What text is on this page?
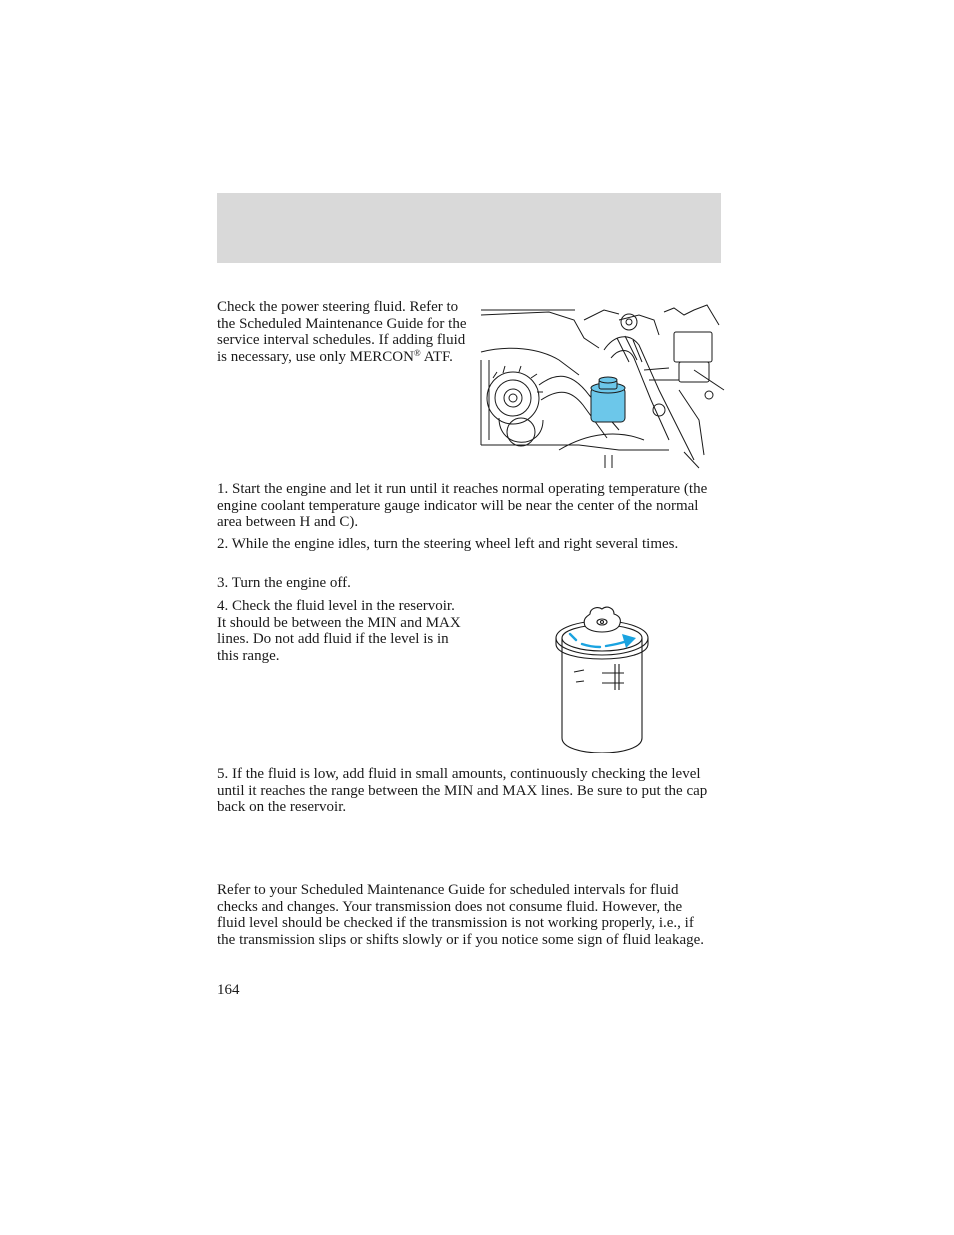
Check the power steering fluid. Refer to the Scheduled Maintenance Guide for the service interval schedules. If adding fluid is necessary, use only MERCON® ATF.

1. Start the engine and let it run until it reaches normal operating temperature (the engine coolant temperature gauge indicator will be near the center of the normal area between H and C).

2. While the engine idles, turn the steering wheel left and right several times.

3. Turn the engine off.

4. Check the fluid level in the reservoir. It should be between the MIN and MAX lines. Do not add fluid if the level is in this range.

5. If the fluid is low, add fluid in small amounts, continuously checking the level until it reaches the range between the MIN and MAX lines. Be sure to put the cap back on the reservoir.

Refer to your Scheduled Maintenance Guide for scheduled intervals for fluid checks and changes. Your transmission does not consume fluid. However, the fluid level should be checked if the transmission is not working properly, i.e., if the transmission slips or shifts slowly or if you notice some sign of fluid leakage.

164
